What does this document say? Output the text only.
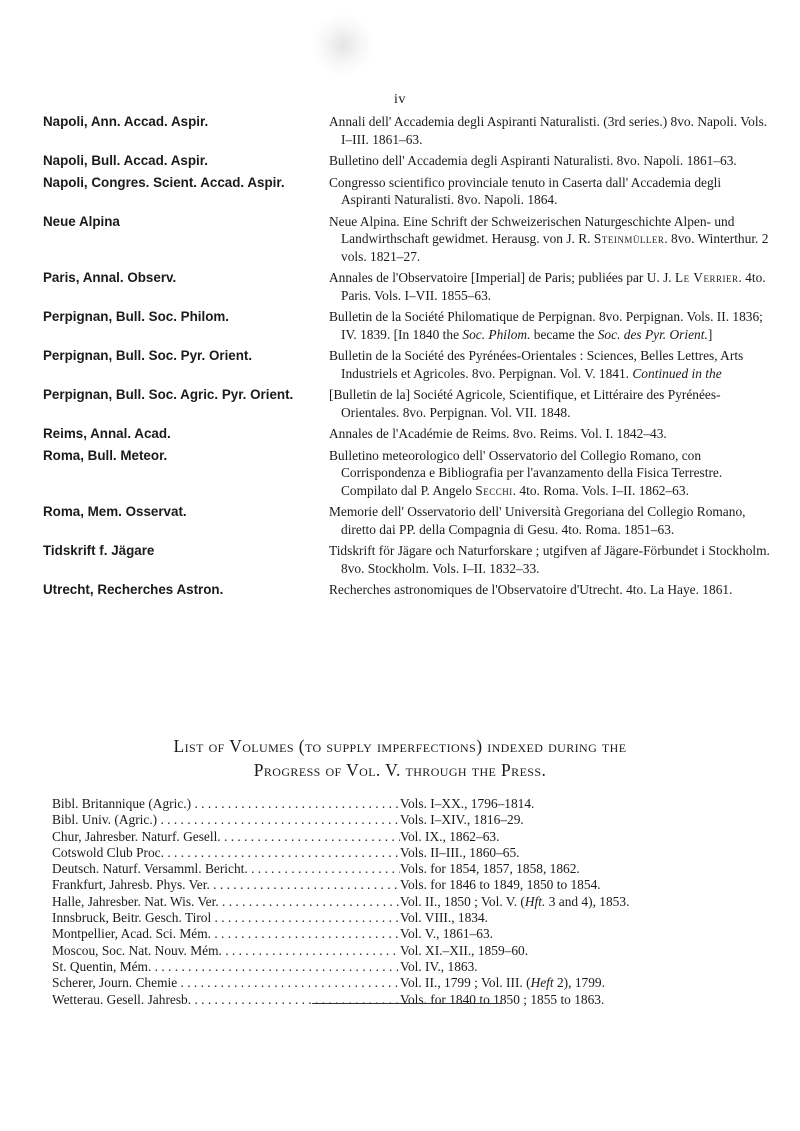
iv
Napoli, Ann. Accad. Aspir.	Annali dell' Accademia degli Aspiranti Naturalisti. (3rd series.) 8vo. Napoli. Vols. I–III. 1861–63.
Napoli, Bull. Accad. Aspir.	Bulletino dell' Accademia degli Aspiranti Naturalisti. 8vo. Napoli. 1861–63.
Napoli, Congres. Scient. Accad. Aspir.	Congresso scientifico provinciale tenuto in Caserta dall' Accademia degli Aspiranti Naturalisti. 8vo. Napoli. 1864.
Neue Alpina	Neue Alpina. Eine Schrift der Schweizerischen Naturgeschichte Alpen- und Landwirthschaft gewidmet. Herausg. von J. R. Steinmüller. 8vo. Winterthur. 2 vols. 1821–27.
Paris, Annal. Observ.	Annales de l'Observatoire [Imperial] de Paris; publiées par U. J. Le Verrier. 4to. Paris. Vols. I–VII. 1855–63.
Perpignan, Bull. Soc. Philom.	Bulletin de la Société Philomatique de Perpignan. 8vo. Perpignan. Vols. II. 1836; IV. 1839. [In 1840 the Soc. Philom. became the Soc. des Pyr. Orient.]
Perpignan, Bull. Soc. Pyr. Orient.	Bulletin de la Société des Pyrénées-Orientales : Sciences, Belles Lettres, Arts Industriels et Agricoles. 8vo. Perpignan. Vol. V. 1841. Continued in the
Perpignan, Bull. Soc. Agric. Pyr. Orient.	[Bulletin de la] Société Agricole, Scientifique, et Littéraire des Pyrénées-Orientales. 8vo. Perpignan. Vol. VII. 1848.
Reims, Annal. Acad.	Annales de l'Académie de Reims. 8vo. Reims. Vol. I. 1842–43.
Roma, Bull. Meteor.	Bulletino meteorologico dell' Osservatorio del Collegio Romano, con Corrispondenza e Bibliografia per l'avanzamento della Fisica Terrestre. Compilato dal P. Angelo Secchi. 4to. Roma. Vols. I–II. 1862–63.
Roma, Mem. Osservat.	Memorie dell' Osservatorio dell' Università Gregoriana del Collegio Romano, diretto dai PP. della Compagnia di Gesu. 4to. Roma. 1851–63.
Tidskrift f. Jägare	Tidskrift för Jägare och Naturforskare ; utgifven af Jägare-Förbundet i Stockholm. 8vo. Stockholm. Vols. I–II. 1832–33.
Utrecht, Recherches Astron.	Recherches astronomiques de l'Observatoire d'Utrecht. 4to. La Haye. 1861.
List of Volumes (to supply imperfections) indexed during the
Progress of Vol. V. through the Press.
Bibl. Britannique (Agric.) . . .	Vols. I–XX., 1796–1814.
Bibl. Univ. (Agric.) . . .	Vols. I–XIV., 1816–29.
Chur, Jahresber. Naturf. Gesell. . . .	Vol. IX., 1862–63.
Cotswold Club Proc. . . .	Vols. II–III., 1860–65.
Deutsch. Naturf. Versamml. Bericht. . . .	Vols. for 1854, 1857, 1858, 1862.
Frankfurt, Jahresb. Phys. Ver. . . .	Vols. for 1846 to 1849, 1850 to 1854.
Halle, Jahresber. Nat. Wis. Ver. . . .	Vol. II., 1850 ; Vol. V. (Hft. 3 and 4), 1853.
Innsbruck, Beitr. Gesch. Tirol . . .	Vol. VIII., 1834.
Montpellier, Acad. Sci. Mém. . . .	Vol. V., 1861–63.
Moscou, Soc. Nat. Nouv. Mém. . . .	Vol. XI.–XII., 1859–60.
St. Quentin, Mém. . . .	Vol. IV., 1863.
Scherer, Journ. Chemie . . .	Vol. II., 1799 ; Vol. III. (Heft 2), 1799.
Wetterau. Gesell. Jahresb. . . .	Vols. for 1840 to 1850 ; 1855 to 1863.
